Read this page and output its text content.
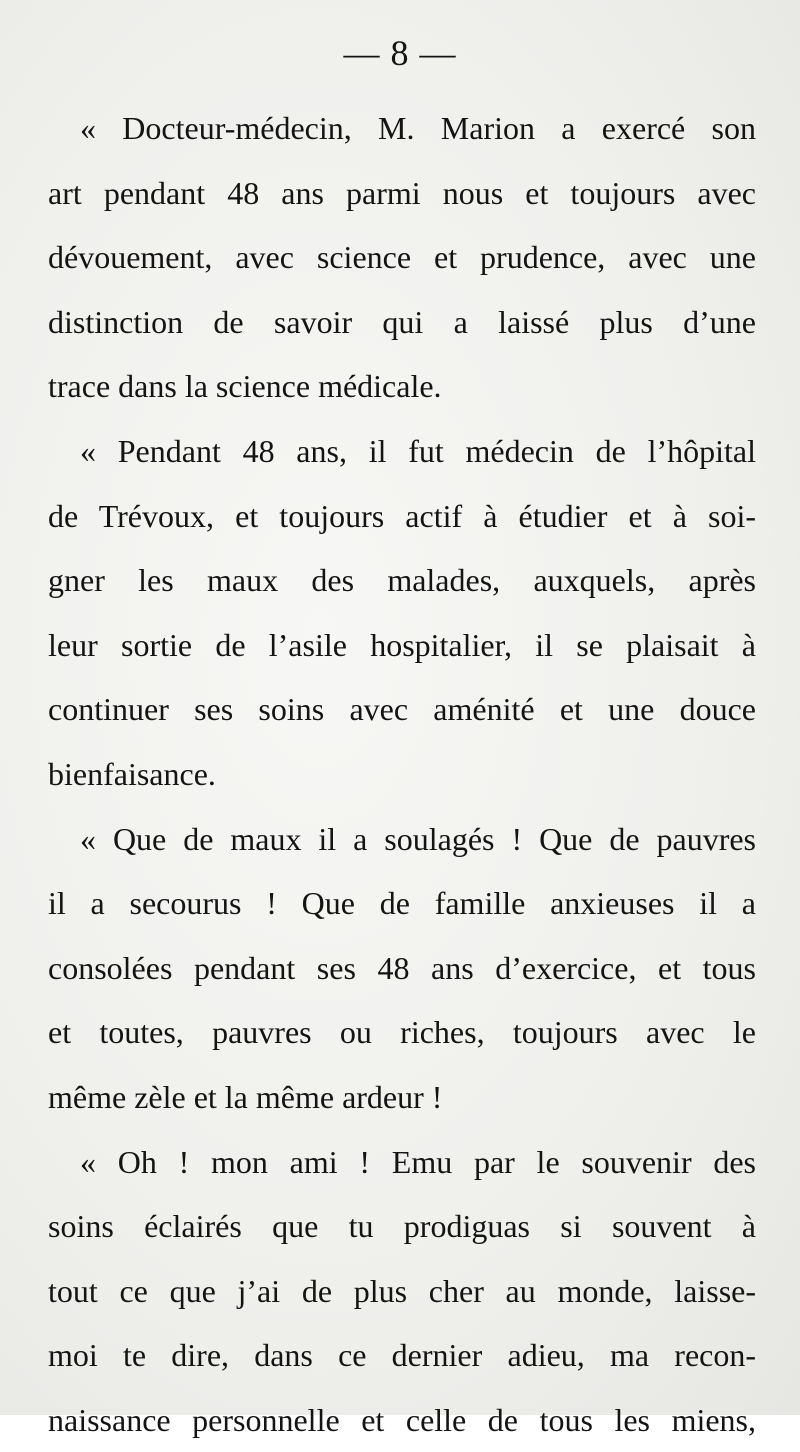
— 8 —
« Docteur-médecin, M. Marion a exercé son
art pendant 48 ans parmi nous et toujours avec
dévouement, avec science et prudence, avec une
distinction de savoir qui a laissé plus d’une
trace dans la science médicale.
« Pendant 48 ans, il fut médecin de l’hôpital
de Trévoux, et toujours actif à étudier et à soi-
gner les maux des malades, auxquels, après
leur sortie de l’asile hospitalier, il se plaisait à
continuer ses soins avec aménité et une douce
bienfaisance.
« Que de maux il a soulagés ! Que de pauvres
il a secourus ! Que de famille anxieuses il a
consolées pendant ses 48 ans d’exercice, et tous
et toutes, pauvres ou riches, toujours avec le
même zèle et la même ardeur !
« Oh ! mon ami ! Emu par le souvenir des
soins éclairés que tu prodiguas si souvent à
tout ce que j’ai de plus cher au monde, laisse-
moi te dire, dans ce dernier adieu, ma recon-
naissance personnelle et celle de tous les miens,
